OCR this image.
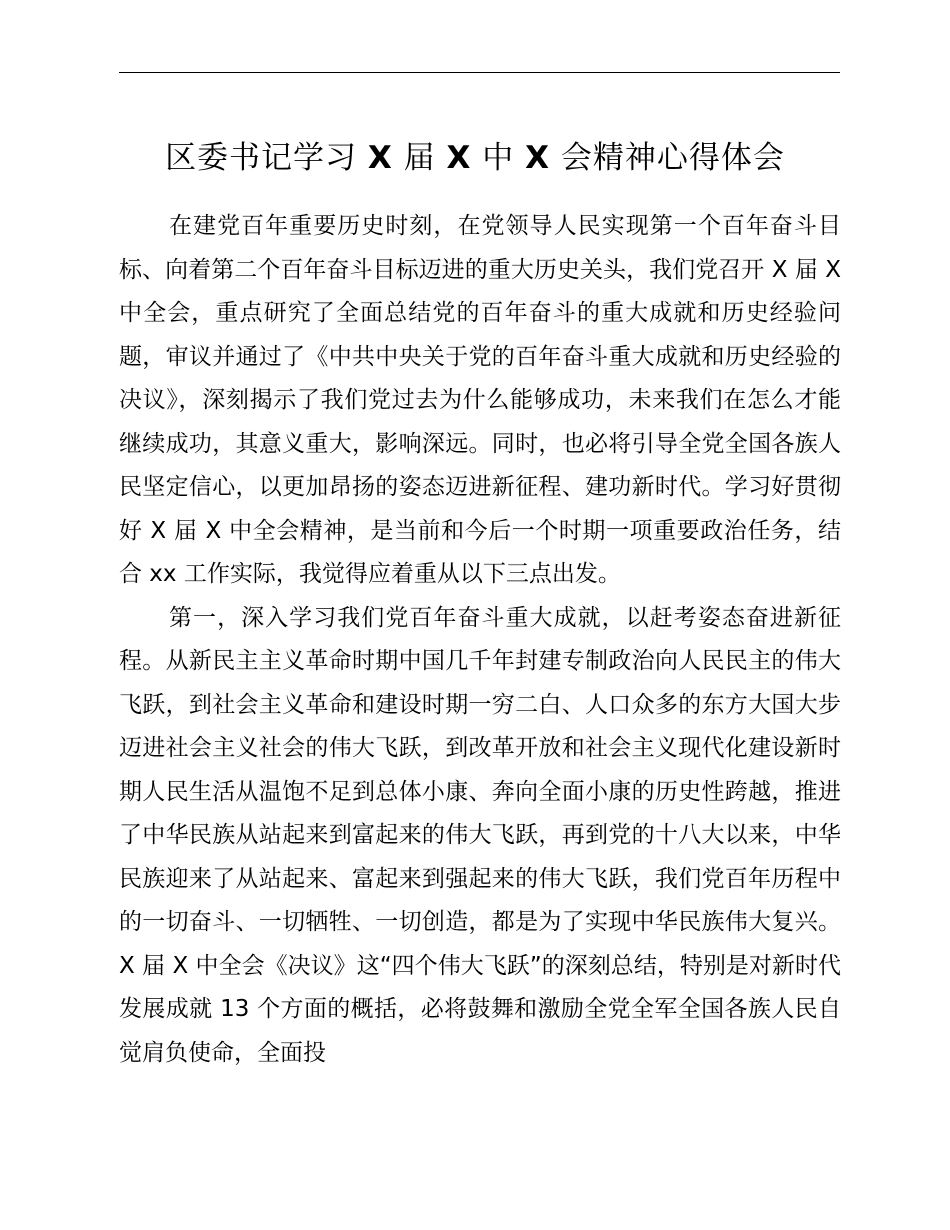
区委书记学习 X 届 X 中 X 会精神心得体会

在建党百年重要历史时刻，在党领导人民实现第一个百年奋斗目标、向着第二个百年奋斗目标迈进的重大历史关头，我们党召开 X 届 X 中全会，重点研究了全面总结党的百年奋斗的重大成就和历史经验问题，审议并通过了《中共中央关于党的百年奋斗重大成就和历史经验的决议》，深刻揭示了我们党过去为什么能够成功，未来我们在怎么才能继续成功，其意义重大，影响深远。同时，也必将引导全党全国各族人民坚定信心，以更加昂扬的姿态迈进新征程、建功新时代。学习好贯彻好 X 届 X 中全会精神，是当前和今后一个时期一项重要政治任务，结合 xx 工作实际，我觉得应着重从以下三点出发。

第一，深入学习我们党百年奋斗重大成就，以赶考姿态奋进新征程。从新民主主义革命时期中国几千年封建专制政治向人民民主的伟大飞跃，到社会主义革命和建设时期一穷二白、人口众多的东方大国大步迈进社会主义社会的伟大飞跃，到改革开放和社会主义现代化建设新时期人民生活从温饱不足到总体小康、奔向全面小康的历史性跨越，推进了中华民族从站起来到富起来的伟大飞跃，再到党的十八大以来，中华民族迎来了从站起来、富起来到强起来的伟大飞跃，我们党百年历程中的一切奋斗、一切牺牲、一切创造，都是为了实现中华民族伟大复兴。X 届 X 中全会《决议》这“四个伟大飞跃”的深刻总结，特别是对新时代发展成就 13 个方面的概括，必将鼓舞和激励全党全军全国各族人民自觉肩负使命，全面投
